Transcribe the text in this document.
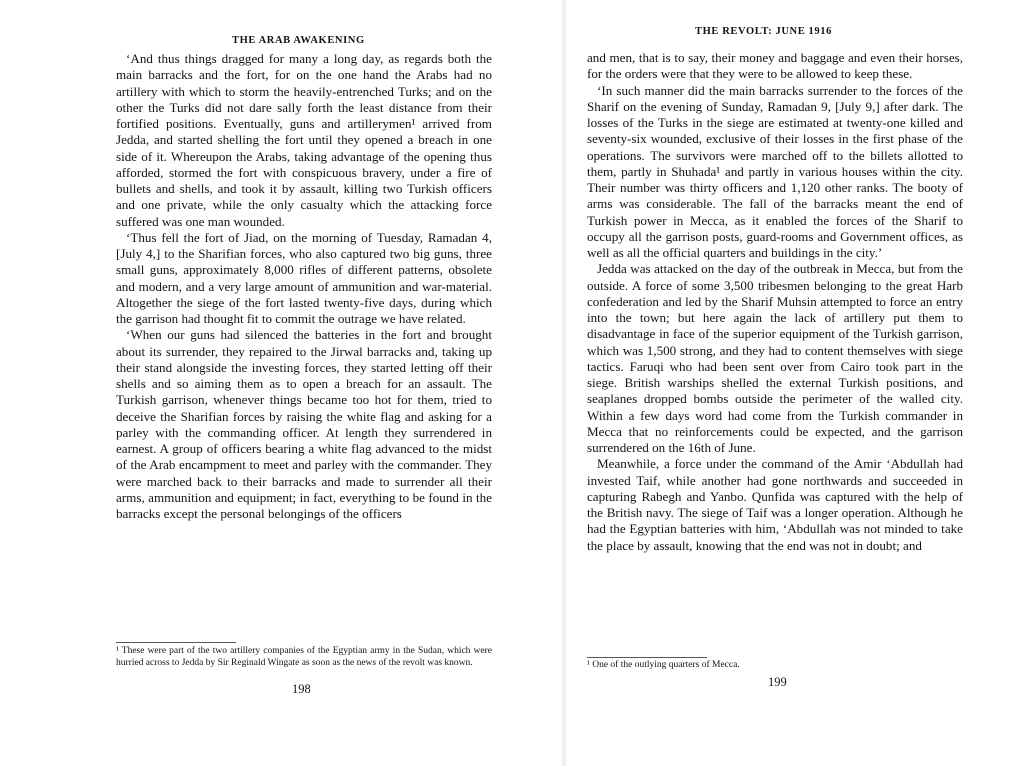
THE ARAB AWAKENING

‘And thus things dragged for many a long day, as regards both the main barracks and the fort, for on the one hand the Arabs had no artillery with which to storm the heavily-entrenched Turks; and on the other the Turks did not dare sally forth the least distance from their fortified positions. Eventually, guns and artillerymen¹ arrived from Jedda, and started shelling the fort until they opened a breach in one side of it. Whereupon the Arabs, taking advantage of the opening thus afforded, stormed the fort with conspicuous bravery, under a fire of bullets and shells, and took it by assault, killing two Turkish officers and one private, while the only casualty which the attacking force suffered was one man wounded.

‘Thus fell the fort of Jiad, on the morning of Tuesday, Ramadan 4, [July 4,] to the Sharifian forces, who also captured two big guns, three small guns, approximately 8,000 rifles of different patterns, obsolete and modern, and a very large amount of ammunition and war-material. Altogether the siege of the fort lasted twenty-five days, during which the garrison had thought fit to commit the outrage we have related.

‘When our guns had silenced the batteries in the fort and brought about its surrender, they repaired to the Jirwal barracks and, taking up their stand alongside the investing forces, they started letting off their shells and so aiming them as to open a breach for an assault. The Turkish garrison, whenever things became too hot for them, tried to deceive the Sharifian forces by raising the white flag and asking for a parley with the commanding officer. At length they surrendered in earnest. A group of officers bearing a white flag advanced to the midst of the Arab encampment to meet and parley with the commander. They were marched back to their barracks and made to surrender all their arms, ammunition and equipment; in fact, everything to be found in the barracks except the personal belongings of the officers

¹ These were part of the two artillery companies of the Egyptian army in the Sudan, which were hurried across to Jedda by Sir Reginald Wingate as soon as the news of the revolt was known.
198
THE REVOLT: JUNE 1916

and men, that is to say, their money and baggage and even their horses, for the orders were that they were to be allowed to keep these.

‘In such manner did the main barracks surrender to the forces of the Sharif on the evening of Sunday, Ramadan 9, [July 9,] after dark. The losses of the Turks in the siege are estimated at twenty-one killed and seventy-six wounded, exclusive of their losses in the first phase of the operations. The survivors were marched off to the billets allotted to them, partly in Shuhada¹ and partly in various houses within the city. Their number was thirty officers and 1,120 other ranks. The booty of arms was considerable. The fall of the barracks meant the end of Turkish power in Mecca, as it enabled the forces of the Sharif to occupy all the garrison posts, guard-rooms and Government offices, as well as all the official quarters and buildings in the city.’

Jedda was attacked on the day of the outbreak in Mecca, but from the outside. A force of some 3,500 tribesmen belonging to the great Harb confederation and led by the Sharif Muhsin attempted to force an entry into the town; but here again the lack of artillery put them to disadvantage in face of the superior equipment of the Turkish garrison, which was 1,500 strong, and they had to content themselves with siege tactics. Faruqi who had been sent over from Cairo took part in the siege. British warships shelled the external Turkish positions, and seaplanes dropped bombs outside the perimeter of the walled city. Within a few days word had come from the Turkish commander in Mecca that no reinforcements could be expected, and the garrison surrendered on the 16th of June.

Meanwhile, a force under the command of the Amir ‘Abdullah had invested Taif, while another had gone northwards and succeeded in capturing Rabegh and Yanbo. Qunfida was captured with the help of the British navy. The siege of Taif was a longer operation. Although he had the Egyptian batteries with him, ‘Abdullah was not minded to take the place by assault, knowing that the end was not in doubt; and

¹ One of the outlying quarters of Mecca.
199
